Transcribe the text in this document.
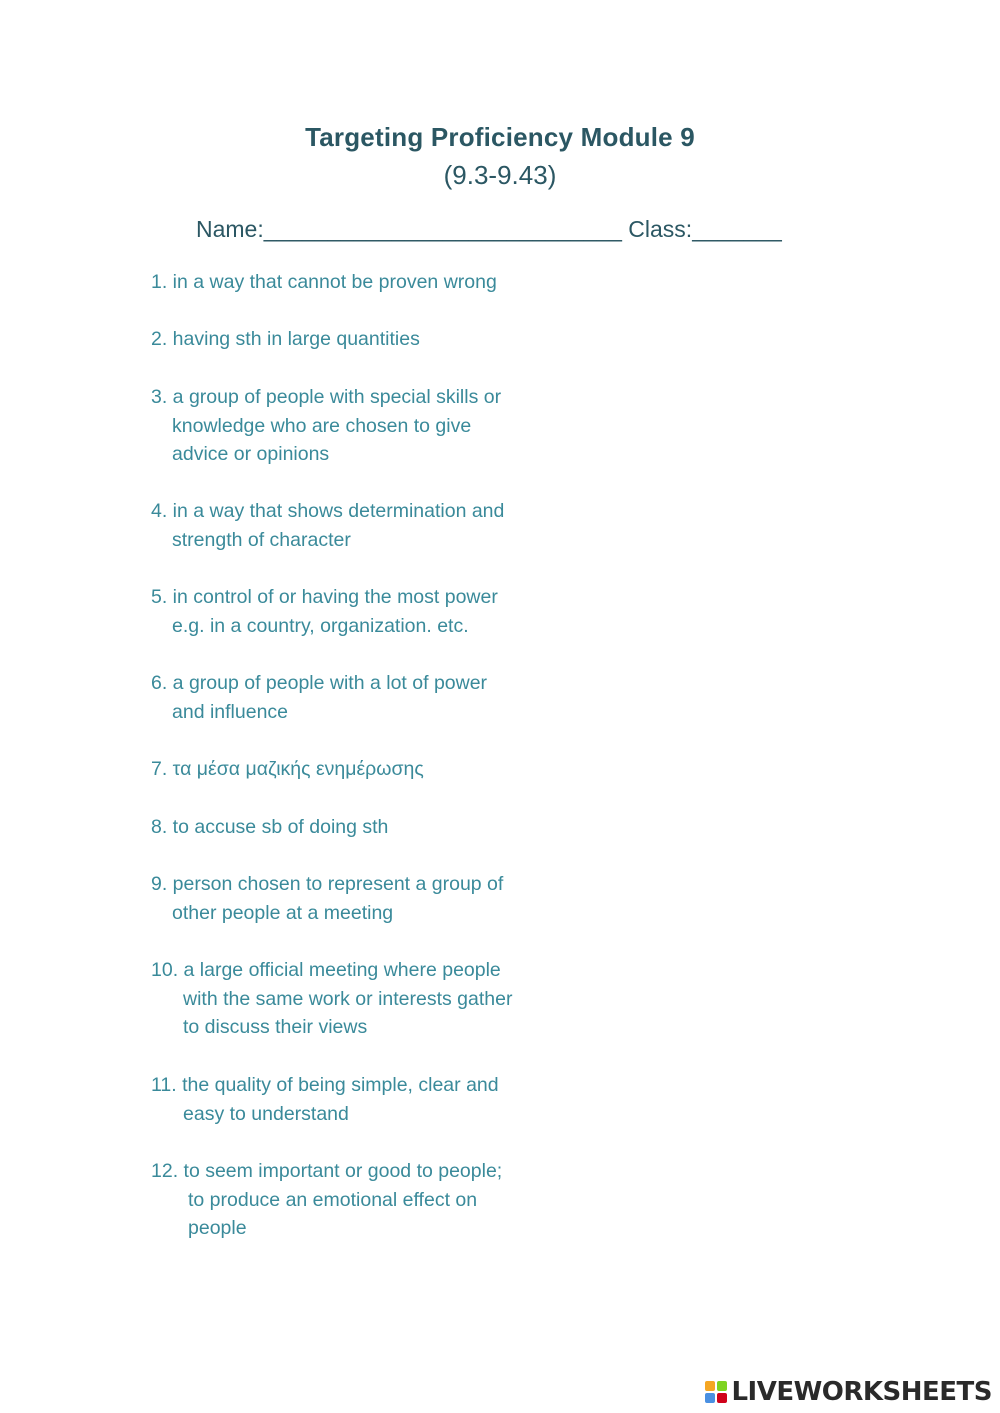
Targeting Proficiency Module 9
(9.3-9.43)
Name:____________________________ Class:_______
1. in a way that cannot be proven wrong
2. having sth in large quantities
3. a group of people with special skills or
knowledge who are chosen to give
advice or opinions
4. in a way that shows determination and
strength of character
5. in control of or having the most power
e.g. in a country, organization. etc.
6. a group of people with a lot of power
and influence
7. τα μέσα μαζικής ενημέρωσης
8. to accuse sb of doing sth
9. person chosen to represent a group of
other people at a meeting
10. a large official meeting where people
with the same work or interests gather
to discuss their views
11. the quality of being simple, clear and
easy to understand
12. to seem important or good to people;
to produce an emotional effect on
people
LIVEWORKSHEETS
